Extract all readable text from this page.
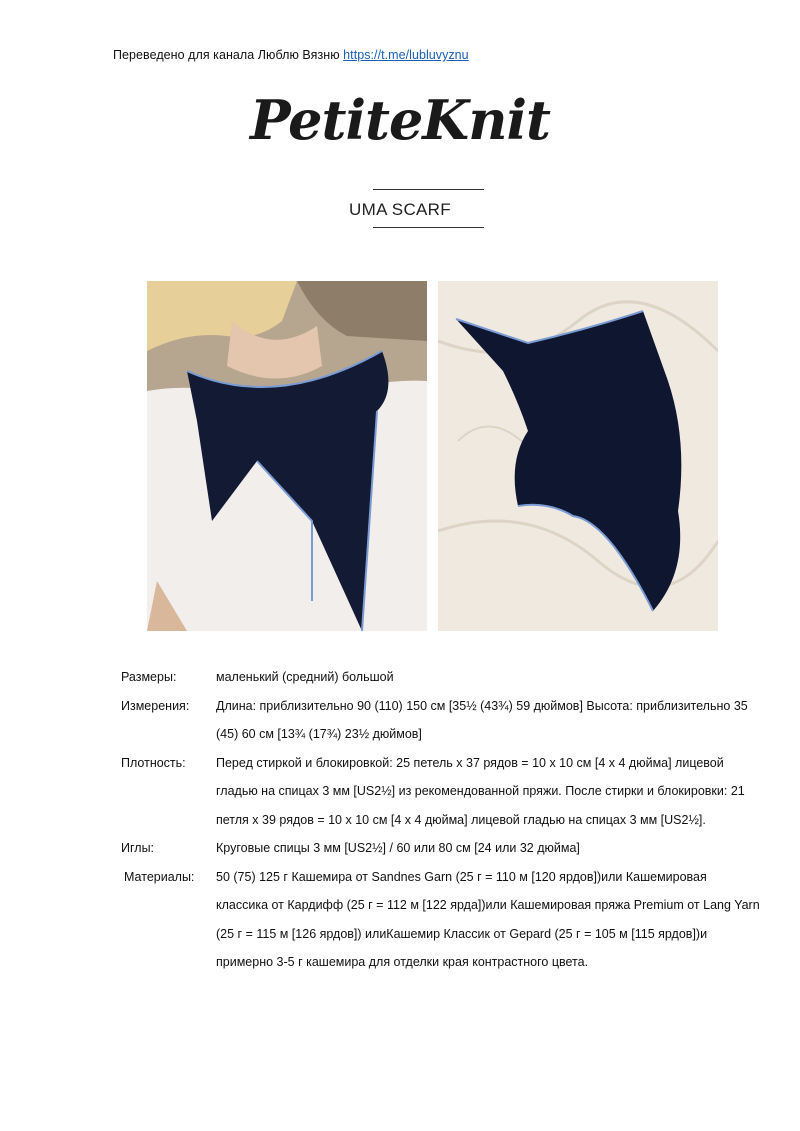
Переведено для канала Люблю Вязню https://t.me/lubluvyznu
PetiteKnit
UMA SCARF
Размеры:	маленький (средний) большой
Измерения: Длина: приблизительно 90 (110) 150 см [35½ (43¾) 59 дюймов] Высота: приблизительно 35 (45) 60 см [13¾ (17¾) 23½ дюймов]
Плотность: Перед стиркой и блокировкой: 25 петель x 37 рядов = 10 x 10 см [4 x 4 дюйма] лицевой гладью на спицах 3 мм [US2½] из рекомендованной пряжи. После стирки и блокировки: 21 петля x 39 рядов = 10 x 10 см [4 x 4 дюйма] лицевой гладью на спицах 3 мм [US2½].
Иглы:	Круговые спицы 3 мм [US2½] / 60 или 80 см [24 или 32 дюйма]
Материалы: 50 (75) 125 г Кашемира от Sandnes Garn (25 г = 110 м [120 ярдов])или Кашемировая классика от Кардифф (25 г = 112 м [122 ярда])или Кашемировая пряжа Premium от Lang Yarn (25 г = 115 м [126 ярдов]) илиКашемир Классик от Gepard (25 г = 105 м [115 ярдов])и примерно 3-5 г кашемира для отделки края контрастного цвета.
